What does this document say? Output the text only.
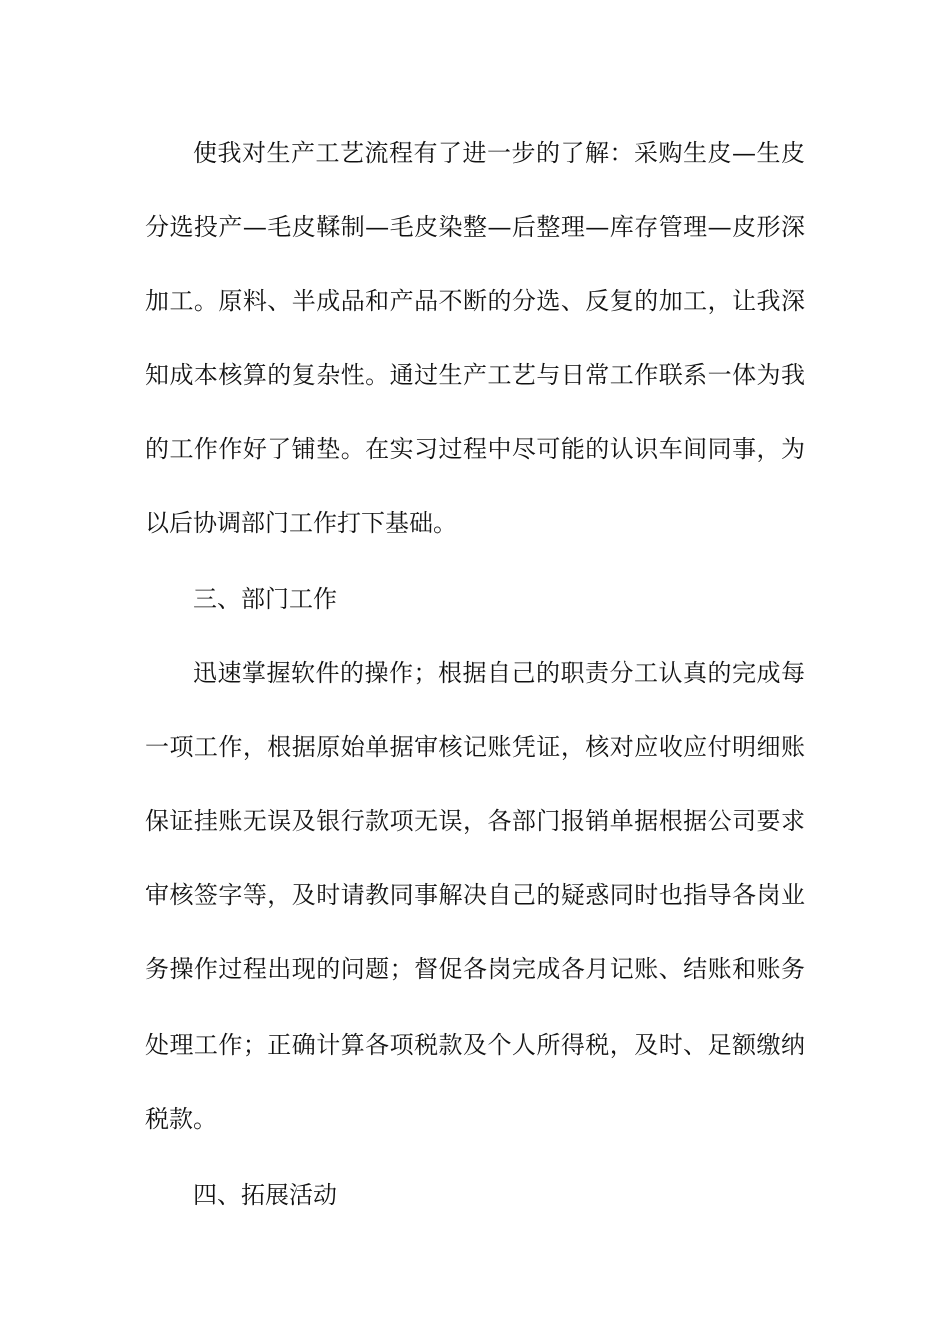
使我对生产工艺流程有了进一步的了解：采购生皮—生皮
分选投产—毛皮鞣制—毛皮染整—后整理—库存管理—皮形深
加工。原料、半成品和产品不断的分选、反复的加工，让我深
知成本核算的复杂性。通过生产工艺与日常工作联系一体为我
的工作作好了铺垫。在实习过程中尽可能的认识车间同事，为
以后协调部门工作打下基础。
三、部门工作
迅速掌握软件的操作；根据自己的职责分工认真的完成每
一项工作，根据原始单据审核记账凭证，核对应收应付明细账
保证挂账无误及银行款项无误，各部门报销单据根据公司要求
审核签字等，及时请教同事解决自己的疑惑同时也指导各岗业
务操作过程出现的问题；督促各岗完成各月记账、结账和账务
处理工作；正确计算各项税款及个人所得税，及时、足额缴纳
税款。
四、拓展活动
